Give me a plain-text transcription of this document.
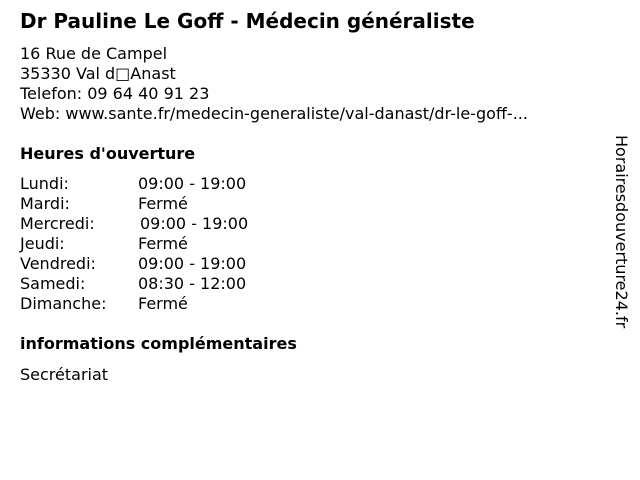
Dr Pauline Le Goff - Médecin généraliste
16 Rue de Campel
35330 Val d□Anast
Telefon: 09 64 40 91 23
Web: www.sante.fr/medecin-generaliste/val-danast/dr-le-goff-...
Heures d'ouverture
Lundi:	09:00 - 19:00
Mardi:	Fermé
Mercredi:	09:00 - 19:00
Jeudi:	Fermé
Vendredi:	09:00 - 19:00
Samedi:	08:30 - 12:00
Dimanche: Fermé
informations complémentaires
Secrétariat
Horairesdouverture24.fr
